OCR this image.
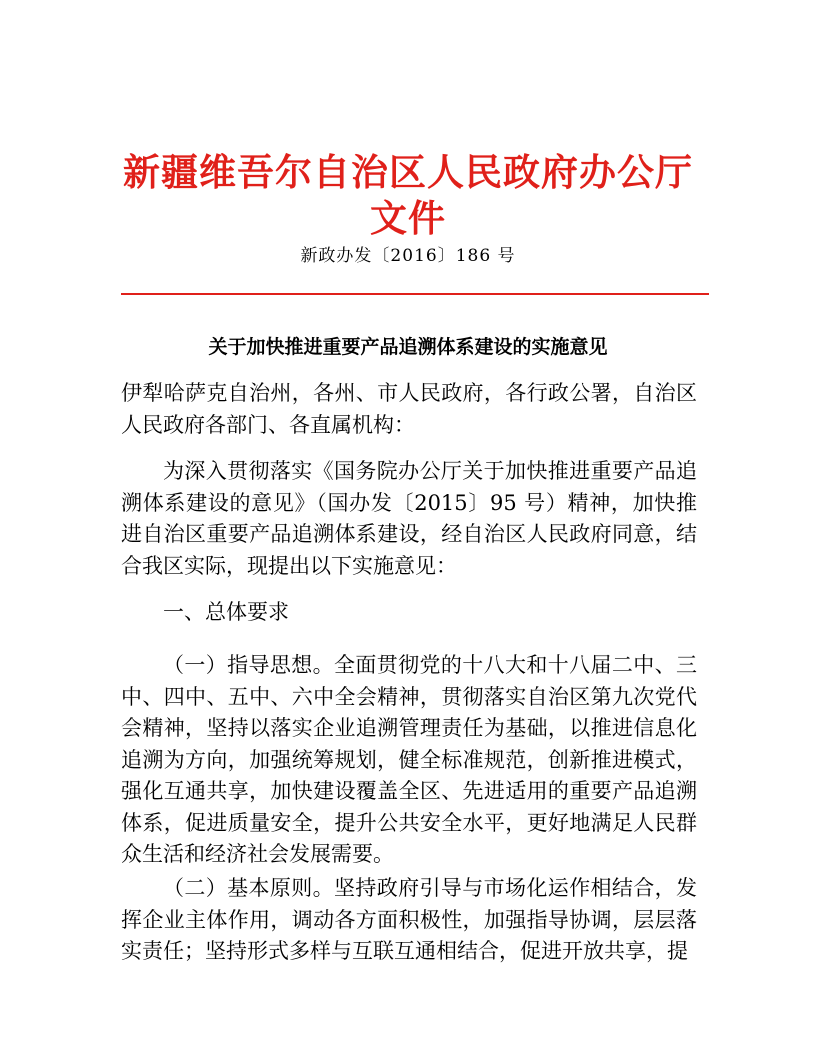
新疆维吾尔自治区人民政府办公厅
文件
新政办发〔2016〕186 号
关于加快推进重要产品追溯体系建设的实施意见

伊犁哈萨克自治州，各州、市人民政府，各行政公署，自治区人民政府各部门、各直属机构：

为深入贯彻落实《国务院办公厅关于加快推进重要产品追溯体系建设的意见》（国办发〔2015〕95 号）精神，加快推进自治区重要产品追溯体系建设，经自治区人民政府同意，结合我区实际，现提出以下实施意见：

一、总体要求

（一）指导思想。全面贯彻党的十八大和十八届二中、三中、四中、五中、六中全会精神，贯彻落实自治区第九次党代会精神，坚持以落实企业追溯管理责任为基础，以推进信息化追溯为方向，加强统筹规划，健全标准规范，创新推进模式，强化互通共享，加快建设覆盖全区、先进适用的重要产品追溯体系，促进质量安全，提升公共安全水平，更好地满足人民群众生活和经济社会发展需要。

（二）基本原则。坚持政府引导与市场化运作相结合，发挥企业主体作用，调动各方面积极性，加强指导协调，层层落实责任；坚持形式多样与互联互通相结合，促进开放共享，提
